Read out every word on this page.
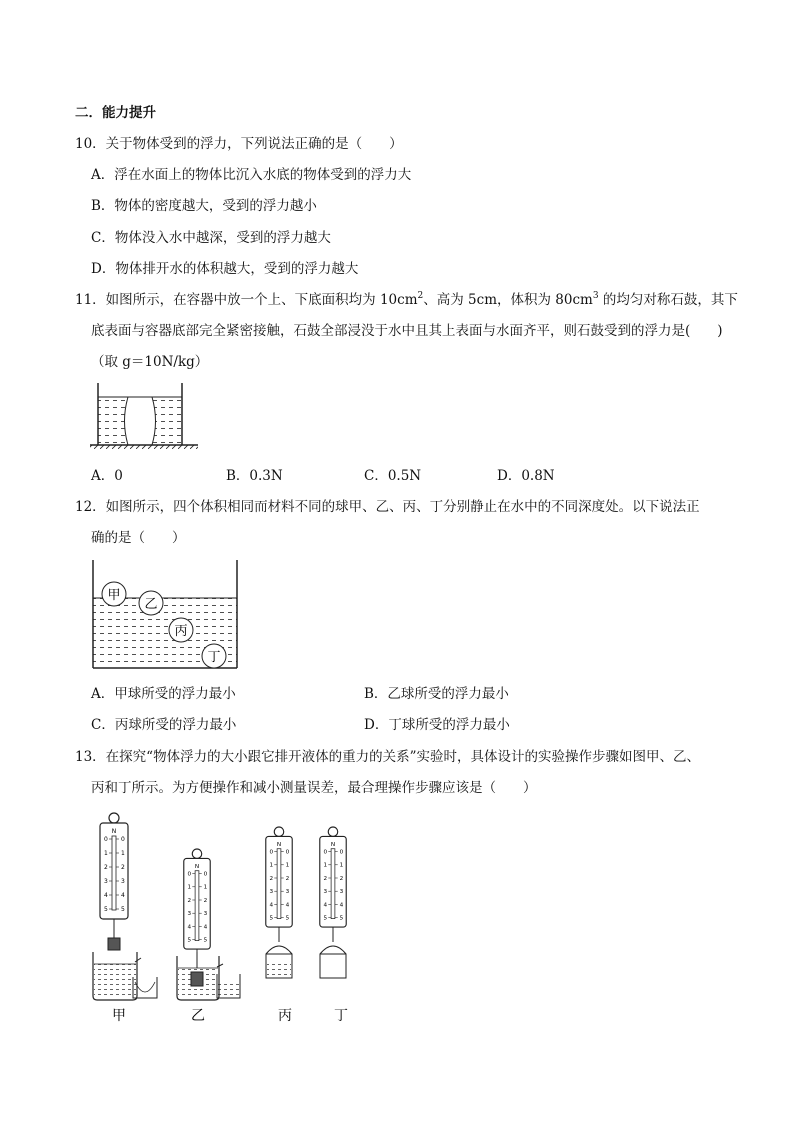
二．能力提升
10．关于物体受到的浮力，下列说法正确的是（　　）
A．浮在水面上的物体比沉入水底的物体受到的浮力大
B．物体的密度越大，受到的浮力越小
C．物体没入水中越深，受到的浮力越大
D．物体排开水的体积越大，受到的浮力越大
11．如图所示，在容器中放一个上、下底面积均为 $10cm^2$、高为 5cm，体积为 $80cm^3$ 的均匀对称石鼓，其下
底表面与容器底部完全紧密接触，石鼓全部浸没于水中且其上表面与水面齐平，则石鼓受到的浮力是(　　)
（取 g＝10N/kg）
A．0	B．0.3N	C．0.5N	D．0.8N
12．如图所示，四个体积相同而材料不同的球甲、乙、丙、丁分别静止在水中的不同深度处。以下说法正
确的是（　　）
甲
乙
丙
丁
A．甲球所受的浮力最小	B．乙球所受的浮力最小
C．丙球所受的浮力最小	D．丁球所受的浮力最小
13．在探究“物体浮力的大小跟它排开液体的重力的关系”实验时，具体设计的实验操作步骤如图甲、乙、
丙和丁所示。为方便操作和减小测量误差，最合理操作步骤应该是（　　）
甲	乙	丙	丁
